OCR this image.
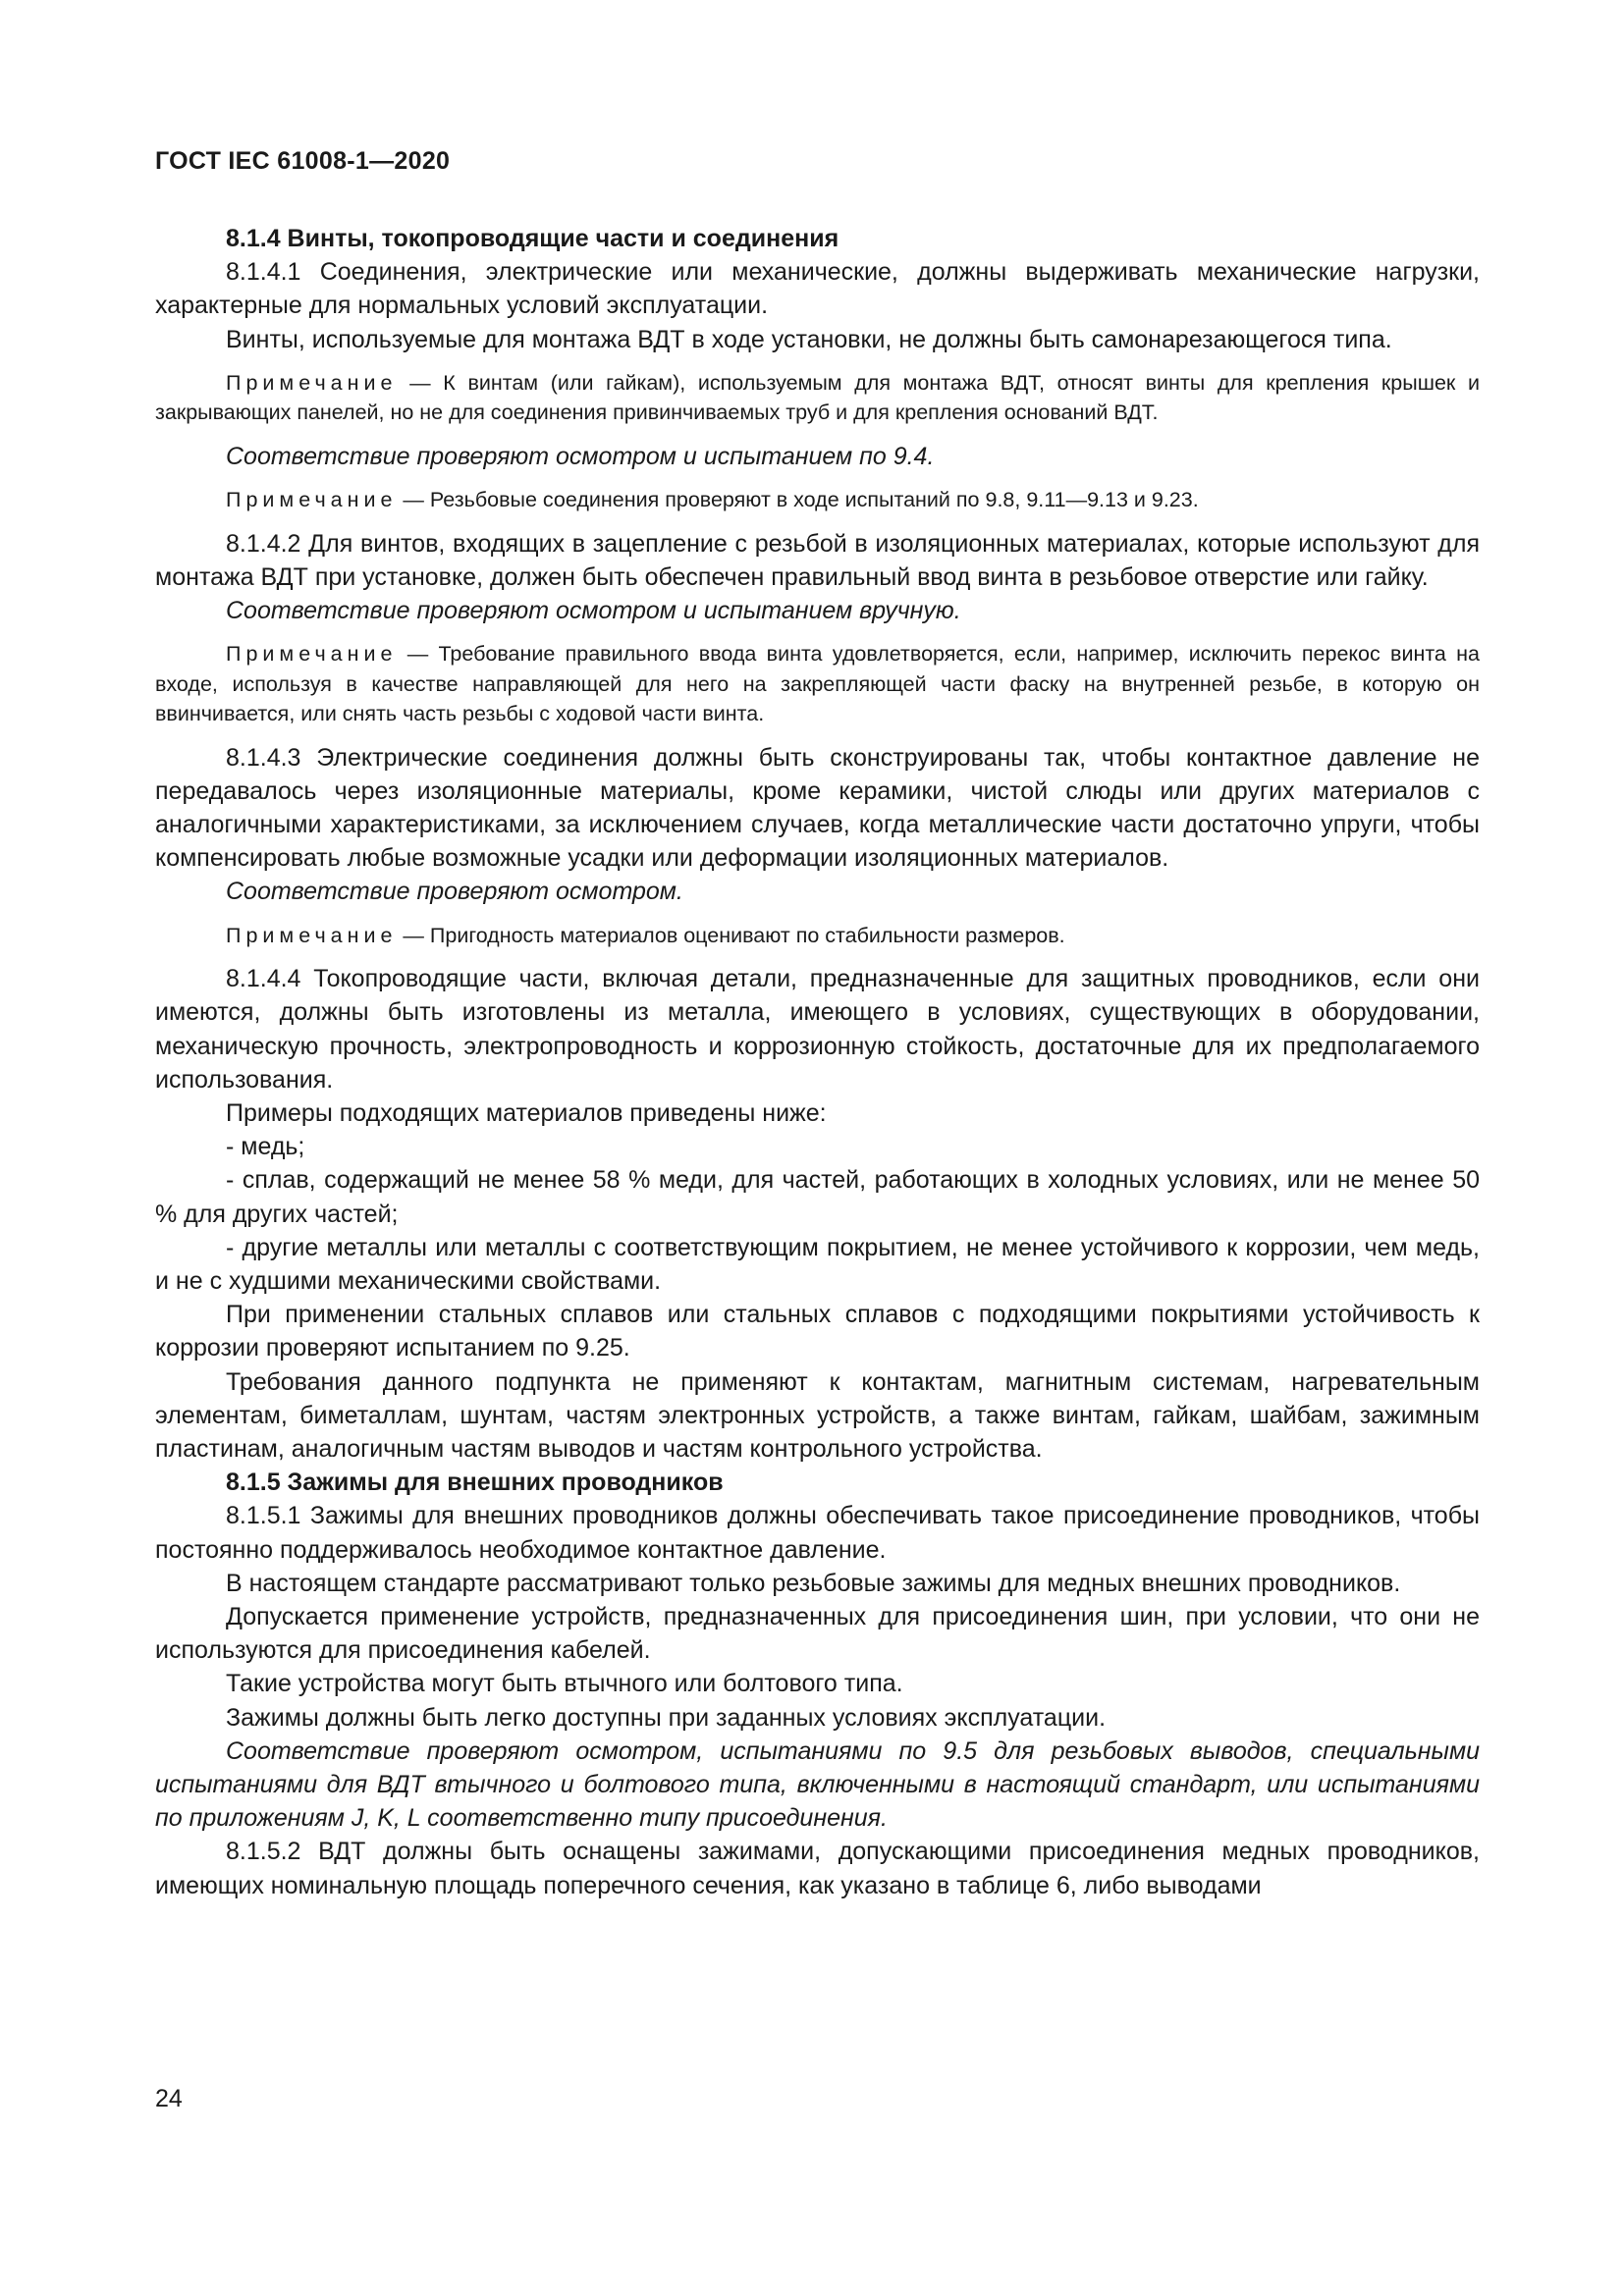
ГОСТ IEC 61008-1—2020

8.1.4 Винты, токопроводящие части и соединения

8.1.4.1 Соединения, электрические или механические, должны выдерживать механические нагрузки, характерные для нормальных условий эксплуатации.

Винты, используемые для монтажа ВДТ в ходе установки, не должны быть самонарезающегося типа.

Примечание — К винтам (или гайкам), используемым для монтажа ВДТ, относят винты для крепления крышек и закрывающих панелей, но не для соединения привинчиваемых труб и для крепления оснований ВДТ.

Соответствие проверяют осмотром и испытанием по 9.4.

Примечание — Резьбовые соединения проверяют в ходе испытаний по 9.8, 9.11—9.13 и 9.23.

8.1.4.2 Для винтов, входящих в зацепление с резьбой в изоляционных материалах, которые используют для монтажа ВДТ при установке, должен быть обеспечен правильный ввод винта в резьбовое отверстие или гайку.

Соответствие проверяют осмотром и испытанием вручную.

Примечание — Требование правильного ввода винта удовлетворяется, если, например, исключить перекос винта на входе, используя в качестве направляющей для него на закрепляющей части фаску на внутренней резьбе, в которую он ввинчивается, или снять часть резьбы с ходовой части винта.

8.1.4.3 Электрические соединения должны быть сконструированы так, чтобы контактное давление не передавалось через изоляционные материалы, кроме керамики, чистой слюды или других материалов с аналогичными характеристиками, за исключением случаев, когда металлические части достаточно упруги, чтобы компенсировать любые возможные усадки или деформации изоляционных материалов.

Соответствие проверяют осмотром.

Примечание — Пригодность материалов оценивают по стабильности размеров.

8.1.4.4 Токопроводящие части, включая детали, предназначенные для защитных проводников, если они имеются, должны быть изготовлены из металла, имеющего в условиях, существующих в оборудовании, механическую прочность, электропроводность и коррозионную стойкость, достаточные для их предполагаемого использования.

Примеры подходящих материалов приведены ниже:

- медь;

- сплав, содержащий не менее 58 % меди, для частей, работающих в холодных условиях, или не менее 50 % для других частей;

- другие металлы или металлы с соответствующим покрытием, не менее устойчивого к коррозии, чем медь, и не с худшими механическими свойствами.

При применении стальных сплавов или стальных сплавов с подходящими покрытиями устойчивость к коррозии проверяют испытанием по 9.25.

Требования данного подпункта не применяют к контактам, магнитным системам, нагревательным элементам, биметаллам, шунтам, частям электронных устройств, а также винтам, гайкам, шайбам, зажимным пластинам, аналогичным частям выводов и частям контрольного устройства.

8.1.5 Зажимы для внешних проводников

8.1.5.1 Зажимы для внешних проводников должны обеспечивать такое присоединение проводников, чтобы постоянно поддерживалось необходимое контактное давление.

В настоящем стандарте рассматривают только резьбовые зажимы для медных внешних проводников.

Допускается применение устройств, предназначенных для присоединения шин, при условии, что они не используются для присоединения кабелей.

Такие устройства могут быть втычного или болтового типа.

Зажимы должны быть легко доступны при заданных условиях эксплуатации.

Соответствие проверяют осмотром, испытаниями по 9.5 для резьбовых выводов, специальными испытаниями для ВДТ втычного и болтового типа, включенными в настоящий стандарт, или испытаниями по приложениям J, K, L соответственно типу присоединения.

8.1.5.2 ВДТ должны быть оснащены зажимами, допускающими присоединения медных проводников, имеющих номинальную площадь поперечного сечения, как указано в таблице 6, либо выводами

24
